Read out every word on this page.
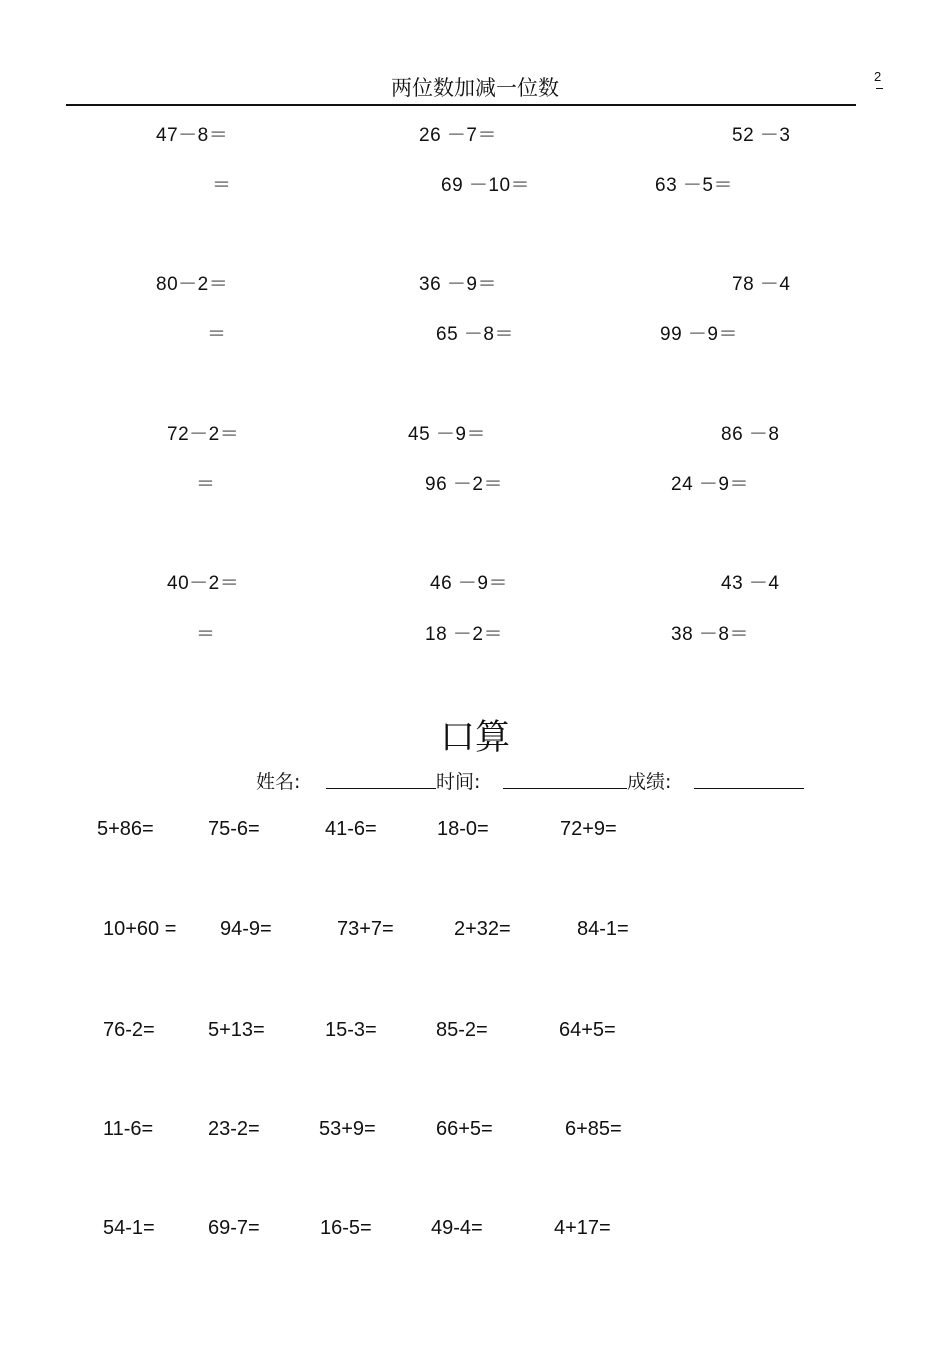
两位数加减一位数	2
47－8＝	26 －7＝	52 －3
＝	69 －10＝	63 －5＝
80－2＝	36 －9＝	78 －4
＝	65 －8＝	99 －9＝
72－2＝	45 －9＝	86 －8
＝	96 －2＝	24 －9＝
40－2＝	46 －9＝	43 －4
＝	18 －2＝	38 －8＝
口算
姓名:	时间:	成绩:
5+86=	75-6=	41-6=	18-0=	72+9=
10+60 = 94-9=	73+7=	2+32=	84-1=
76-2=	5+13=	15-3=	85-2=	64+5=
11-6=	23-2=	53+9=	66+5=	6+85=
54-1=	69-7=	16-5=	49-4=	4+17=
